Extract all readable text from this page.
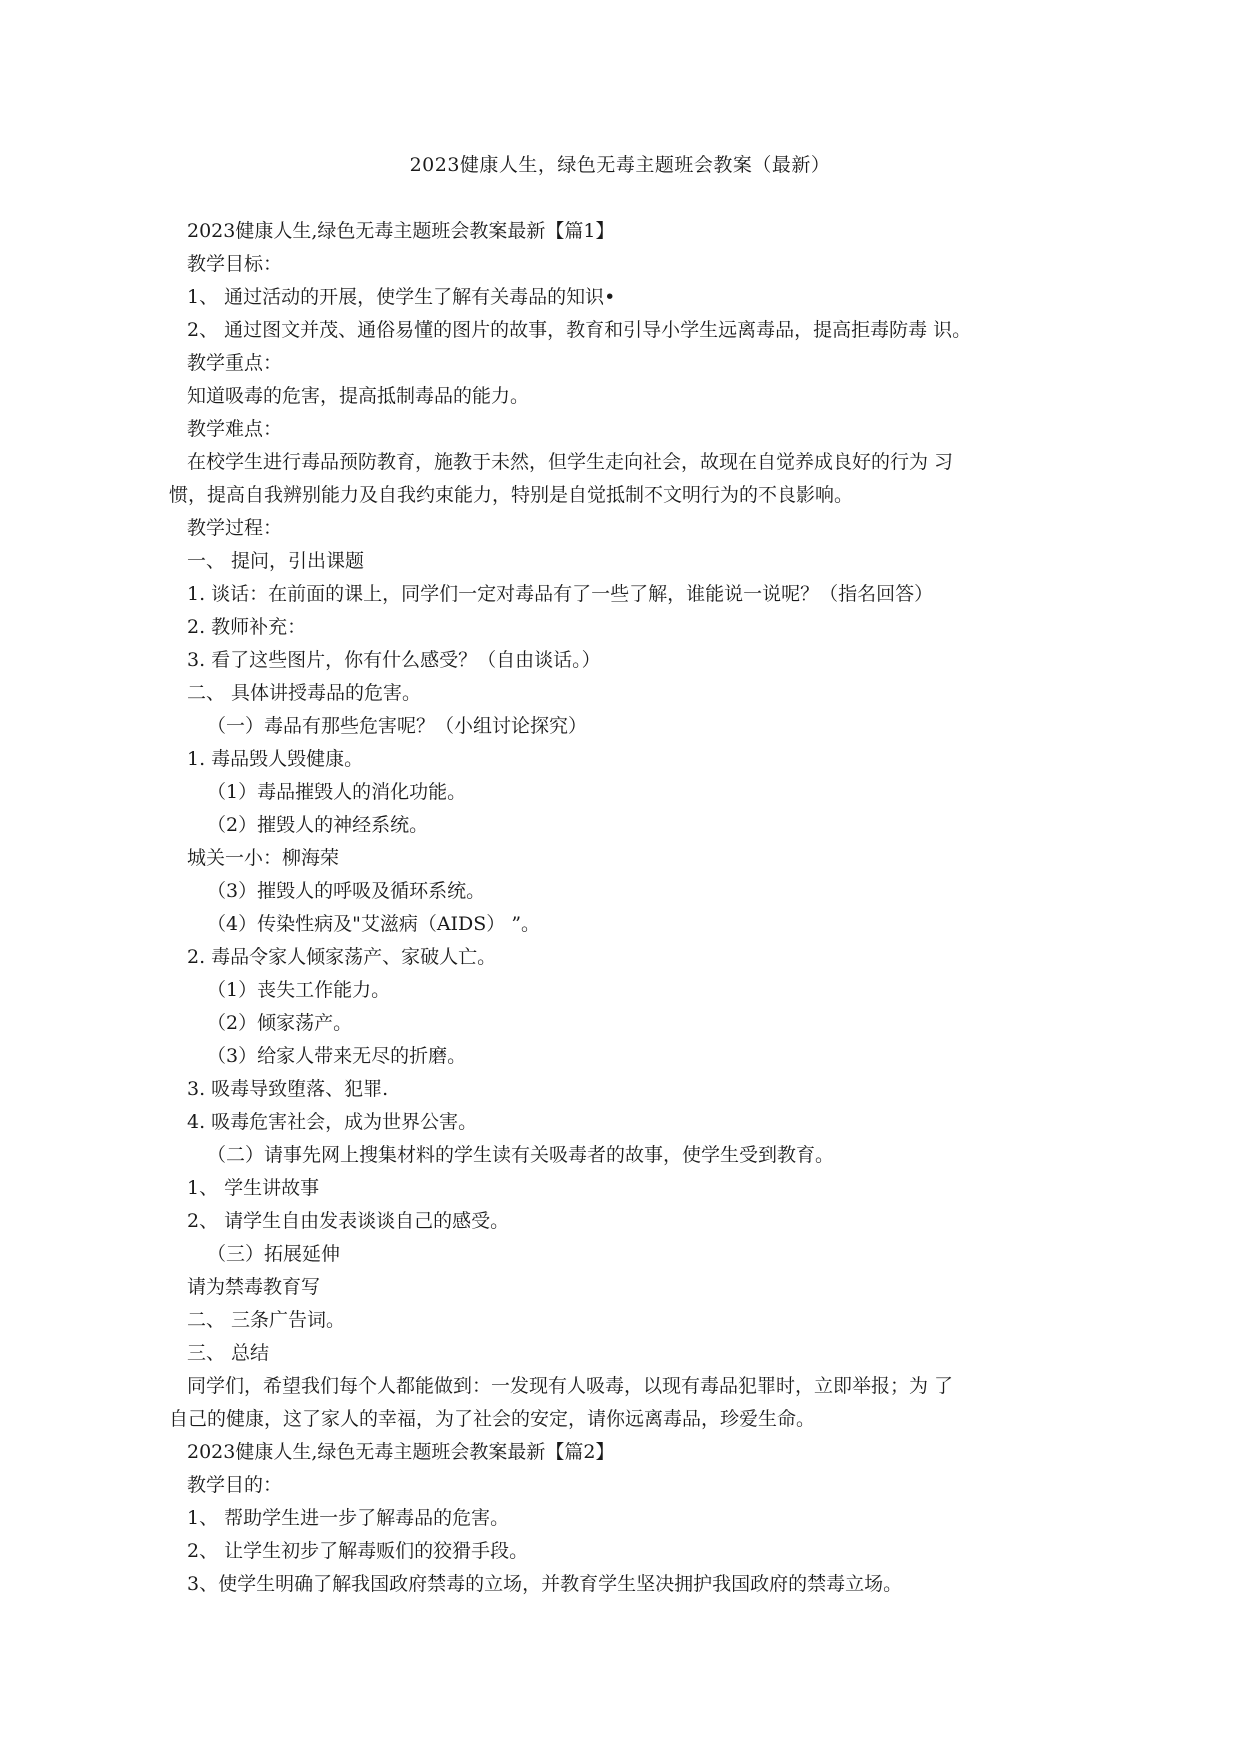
2023健康人生，绿色无毒主题班会教案（最新）
2023健康人生,绿色无毒主题班会教案最新【篇1】
教学目标：
1、 通过活动的开展，使学生了解有关毒品的知识•
2、 通过图文并茂、通俗易懂的图片的故事，教育和引导小学生远离毒品，提高拒毒防毒 识。
教学重点：
知道吸毒的危害，提高抵制毒品的能力。
教学难点：
在校学生进行毒品预防教育，施教于未然，但学生走向社会，故现在自觉养成良好的行为 习
惯，提高自我辨别能力及自我约束能力，特别是自觉抵制不文明行为的不良影响。
教学过程：
一、 提问，引出课题
1. 谈话：在前面的课上，同学们一定对毒品有了一些了解，谁能说一说呢？（指名回答）
2. 教师补充：
3. 看了这些图片，你有什么感受？（自由谈话。）
二、 具体讲授毒品的危害。
（一）毒品有那些危害呢？（小组讨论探究）
1. 毒品毁人毁健康。
（1）毒品摧毁人的消化功能。
（2）摧毁人的神经系统。
城关一小：柳海荣
（3）摧毁人的呼吸及循环系统。
（4）传染性病及"艾滋病（AIDS） ”。
2. 毒品令家人倾家荡产、家破人亡。
（1）丧失工作能力。
（2）倾家荡产。
（3）给家人带来无尽的折磨。
3. 吸毒导致堕落、犯罪.
4. 吸毒危害社会，成为世界公害。
（二）请事先网上搜集材料的学生读有关吸毒者的故事，使学生受到教育。
1、 学生讲故事
2、 请学生自由发表谈谈自己的感受。
（三）拓展延伸
请为禁毒教育写
二、 三条广告词。
三、 总结
同学们，希望我们每个人都能做到：一发现有人吸毒，以现有毒品犯罪时，立即举报；为 了
自己的健康，这了家人的幸福，为了社会的安定，请你远离毒品，珍爱生命。
2023健康人生,绿色无毒主题班会教案最新【篇2】
教学目的：
1、 帮助学生进一步了解毒品的危害。
2、 让学生初步了解毒贩们的狡猾手段。
3、使学生明确了解我国政府禁毒的立场，并教育学生坚决拥护我国政府的禁毒立场。
